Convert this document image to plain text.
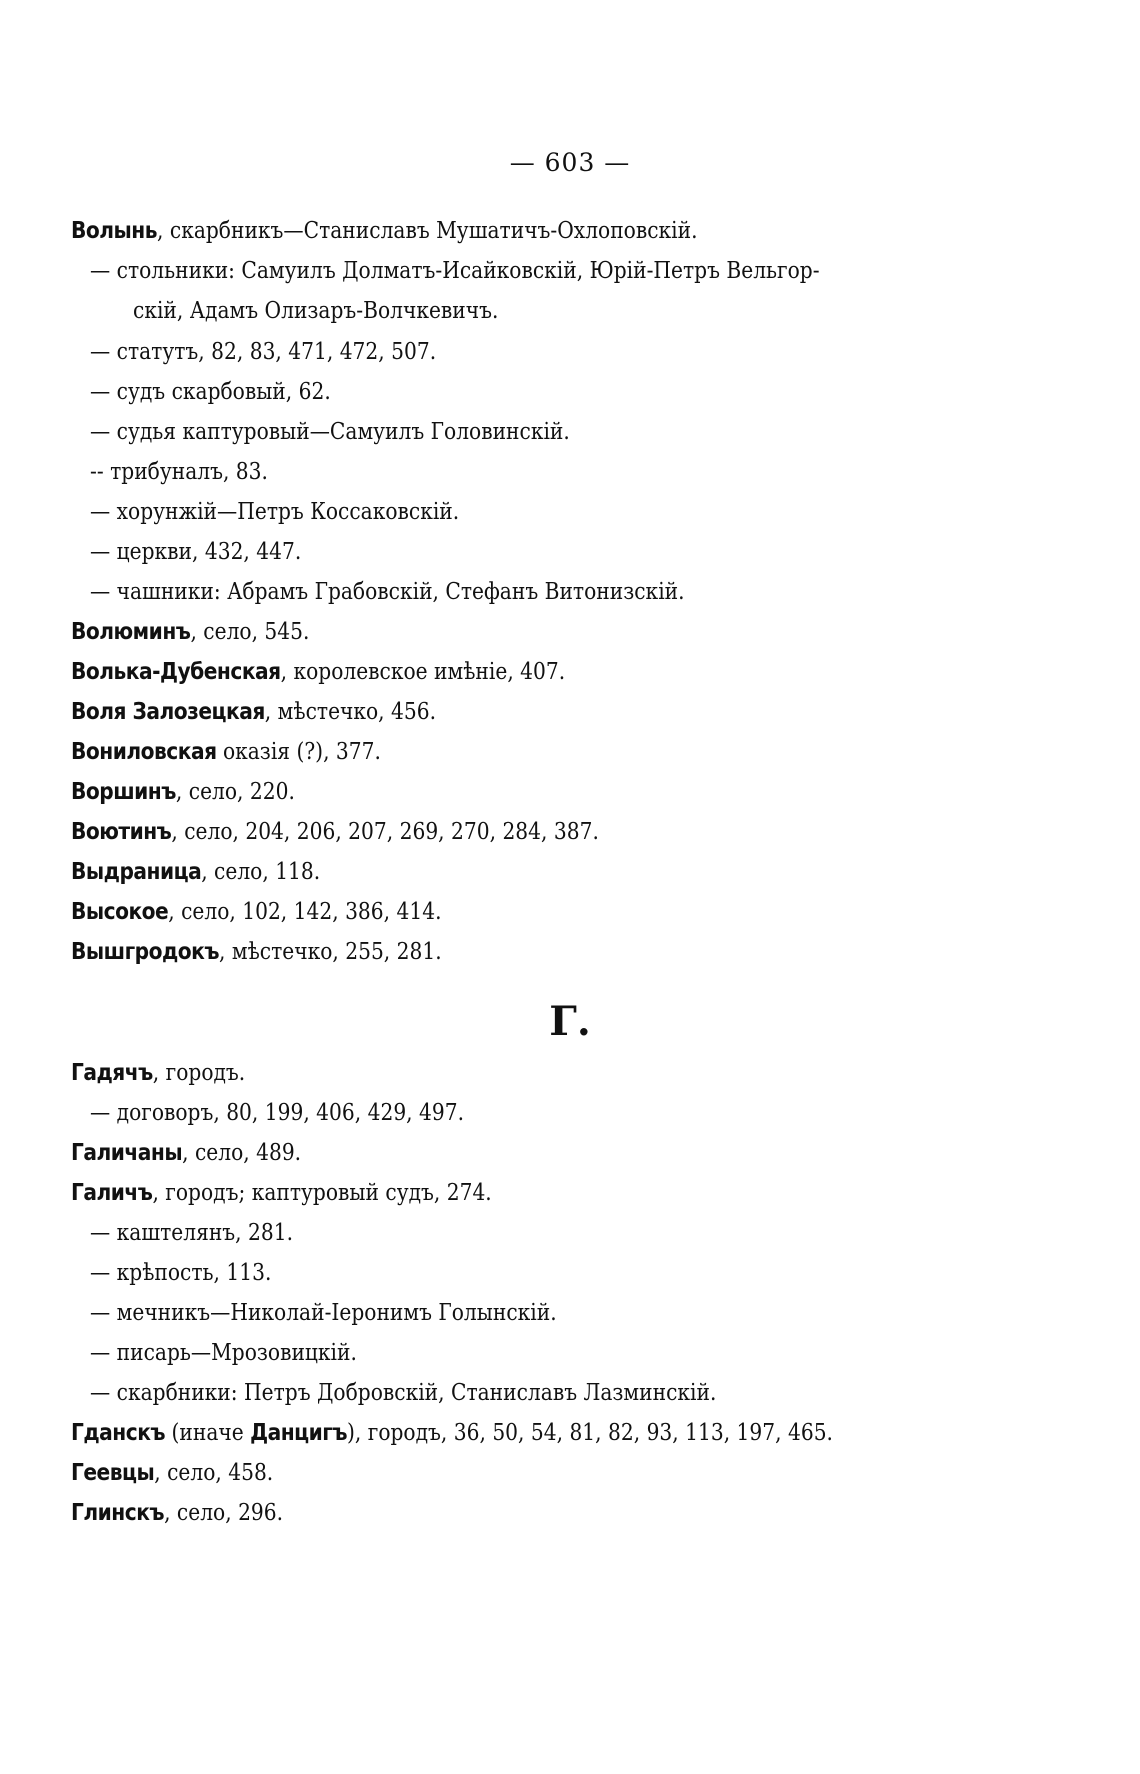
— 603 —
Волынь, скарбникъ—Станиславъ Мушатичъ-Охлоповскій.
— стольники: Самуилъ Долматъ-Исайковскій, Юрій-Петръ Вельгор-
скій, Адамъ Олизаръ-Волчкевичъ.
— статутъ, 82, 83, 471, 472, 507.
— судъ скарбовый, 62.
— судья каптуровый—Самуилъ Головинскій.
-- трибуналъ, 83.
— хорунжій—Петръ Коссаковскій.
— церкви, 432, 447.
— чашники: Абрамъ Грабовскій, Стефанъ Витонизскій.
Волюминъ, село, 545.
Волька-Дубенская, королевское имѣніе, 407.
Воля Залозецкая, мѣстечко, 456.
Вониловская оказія (?), 377.
Воршинъ, село, 220.
Воютинъ, село, 204, 206, 207, 269, 270, 284, 387.
Выдраница, село, 118.
Высокое, село, 102, 142, 386, 414.
Вышгродокъ, мѣстечко, 255, 281.
Г.
Гадячъ, городъ.
— договоръ, 80, 199, 406, 429, 497.
Галичаны, село, 489.
Галичъ, городъ; каптуровый судъ, 274.
— каштелянъ, 281.
— крѣпость, 113.
— мечникъ—Николай-Іеронимъ Голынскій.
— писарь—Мрозовицкій.
— скарбники: Петръ Добровскій, Станиславъ Лазминскій.
Гданскъ (иначе Данцигъ), городъ, 36, 50, 54, 81, 82, 93, 113, 197, 465.
Геевцы, село, 458.
Глинскъ, село, 296.
